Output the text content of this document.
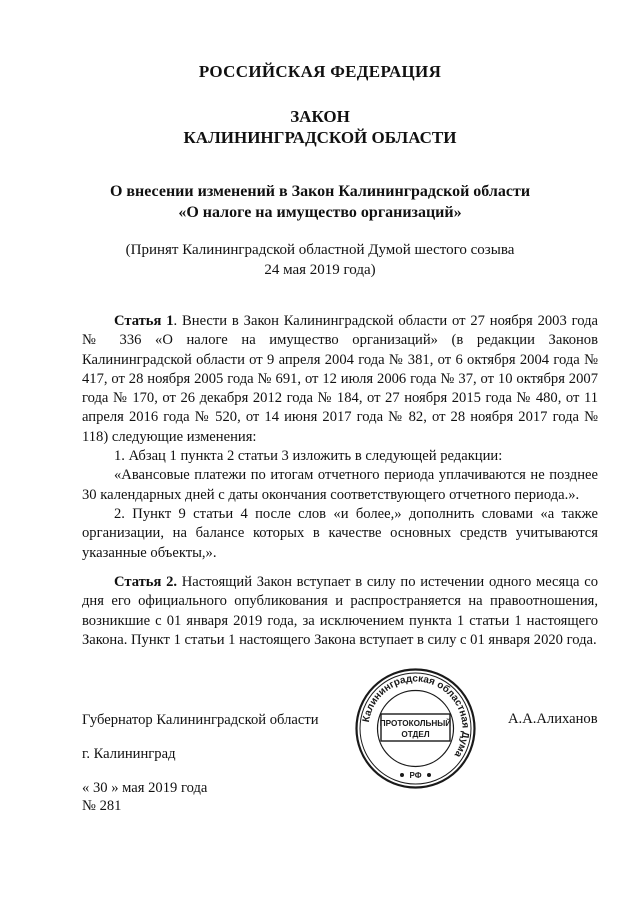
РОССИЙСКАЯ ФЕДЕРАЦИЯ
ЗАКОН
КАЛИНИНГРАДСКОЙ ОБЛАСТИ
О внесении изменений в Закон Калининградской области
«О налоге на имущество организаций»
(Принят Калининградской областной Думой шестого созыва
24 мая 2019 года)

Статья 1. Внести в Закон Калининградской области от 27 ноября 2003 года № 336 «О налоге на имущество организаций» (в редакции Законов Калининградской области от 9 апреля 2004 года № 381, от 6 октября 2004 года № 417, от 28 ноября 2005 года № 691, от 12 июля 2006 года № 37, от 10 октября 2007 года № 170, от 26 декабря 2012 года № 184, от 27 ноября 2015 года № 480, от 11 апреля 2016 года № 520, от 14 июня 2017 года № 82, от 28 ноября 2017 года № 118) следующие изменения:

1. Абзац 1 пункта 2 статьи 3 изложить в следующей редакции:

«Авансовые платежи по итогам отчетного периода уплачиваются не позднее 30 календарных дней с даты окончания соответствующего отчетного периода.».

2. Пункт 9 статьи 4 после слов «и более,» дополнить словами «а также организации, на балансе которых в качестве основных средств учитываются указанные объекты,».

Статья 2. Настоящий Закон вступает в силу по истечении одного месяца со дня его официального опубликования и распространяется на правоотношения, возникшие с 01 января 2019 года, за исключением пункта 1 статьи 1 настоящего Закона. Пункт 1 статьи 1 настоящего Закона вступает в силу с 01 января 2020 года.

Губернатор Калининградской области	А.А.Алиханов
г. Калининград
« 30 » мая 2019 года
№ 281
Калининградская областная Дума
ПРОТОКОЛЬНЫЙ
ОТДЕЛ
РФ
